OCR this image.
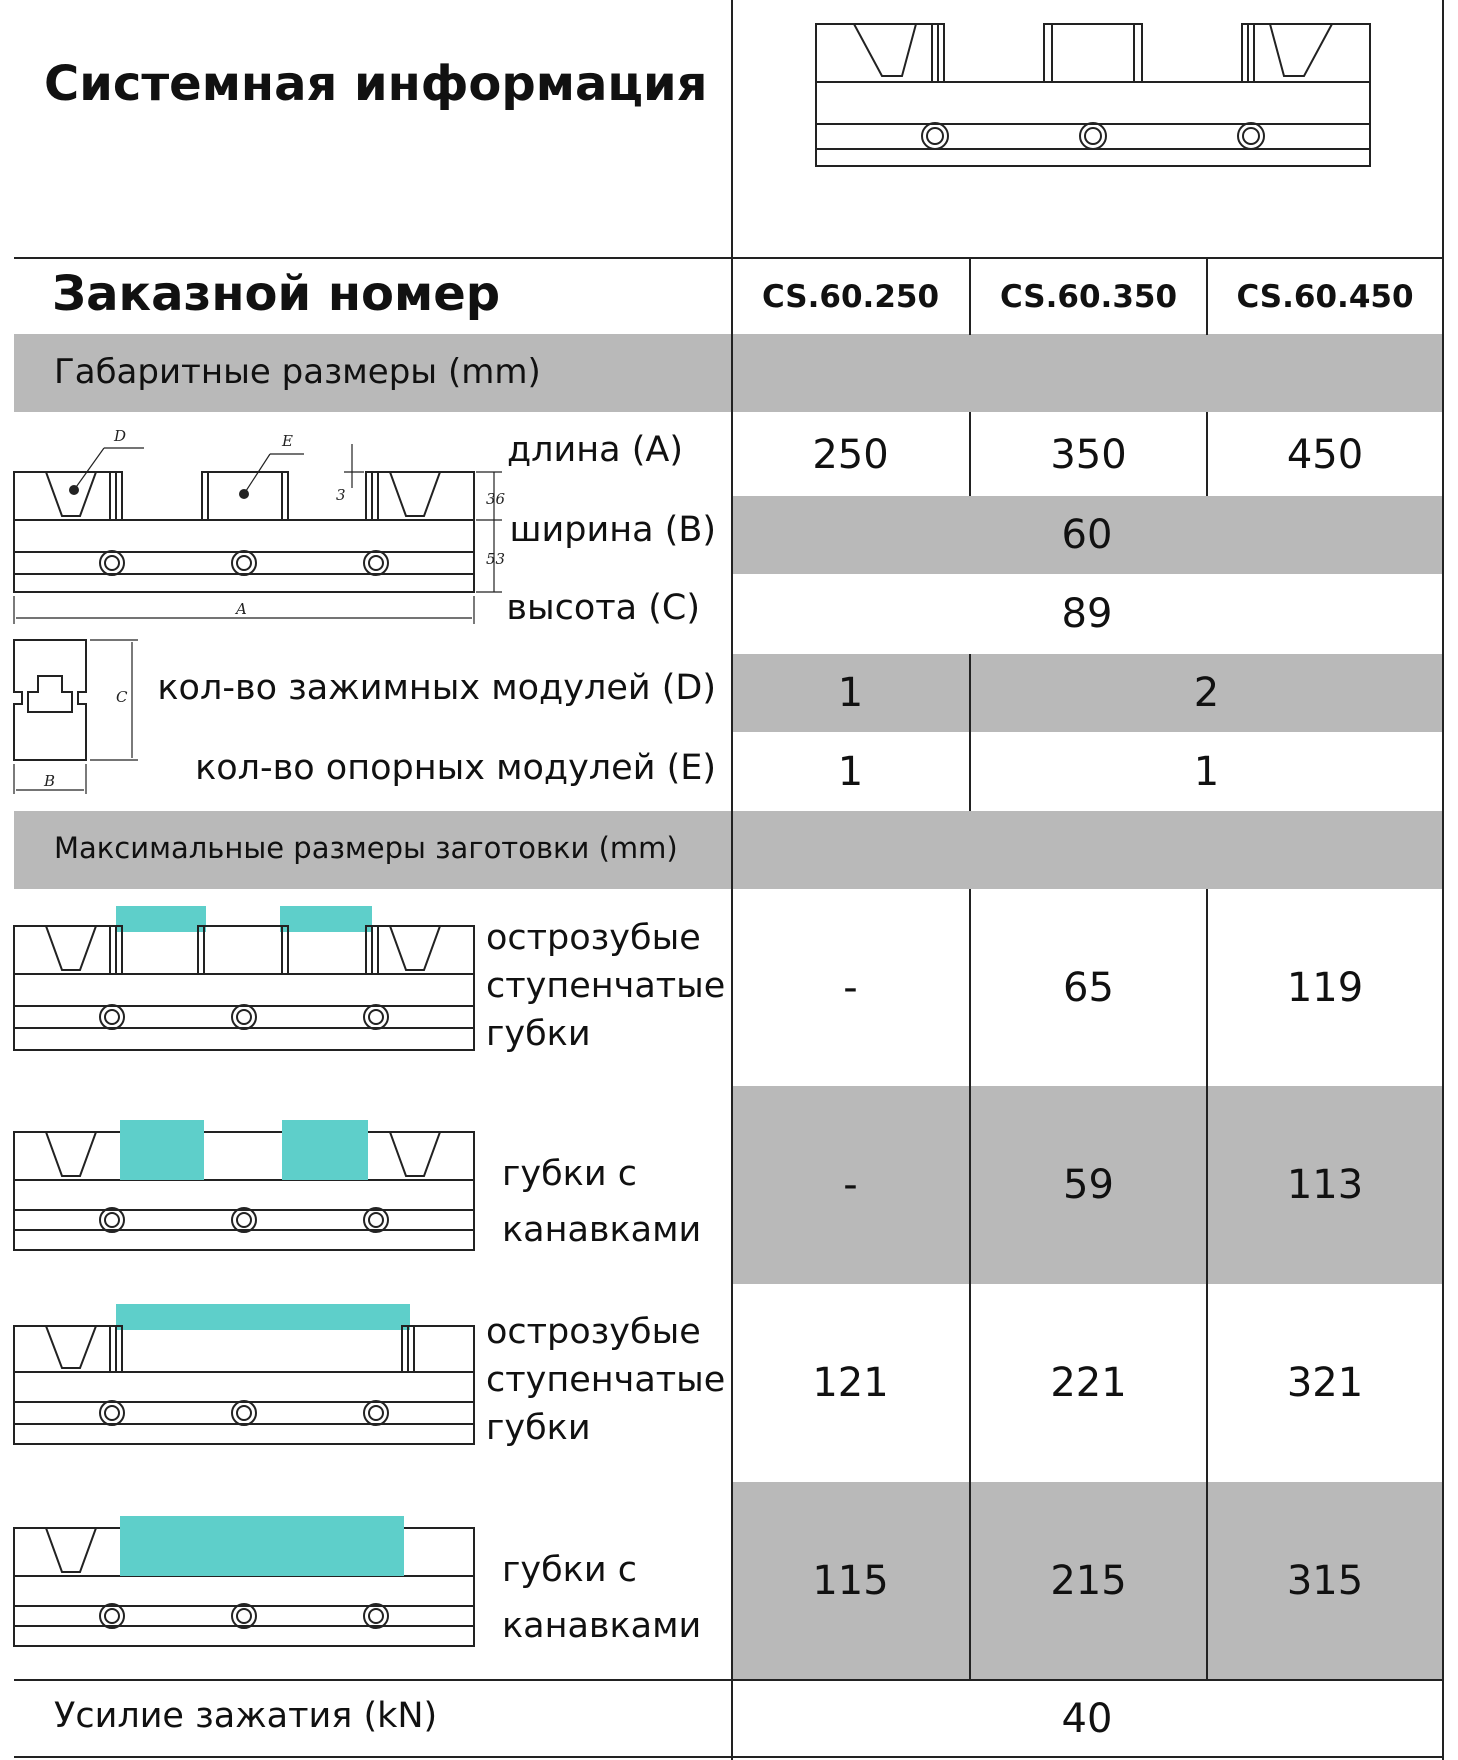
Системная информация
Заказной номер	CS.60.250	CS.60.350	CS.60.450
Габаритные размеры (mm)
D	E
3	36
53
A
B
C
длина (A)	250	350	450
ширина (B)	60
высота (C)	89
кол-во зажимных модулей (D)	1	2
кол-во опорных модулей (E)	1	1
Максимальные размеры заготовки (mm)
острозубые
ступенчатые
губки
-	65	119
губки с
канавками
-	59	113
острозубые
ступенчатые
губки
121	221	321
губки с
канавками
115	215	315
Усилие зажатия (kN)	40
